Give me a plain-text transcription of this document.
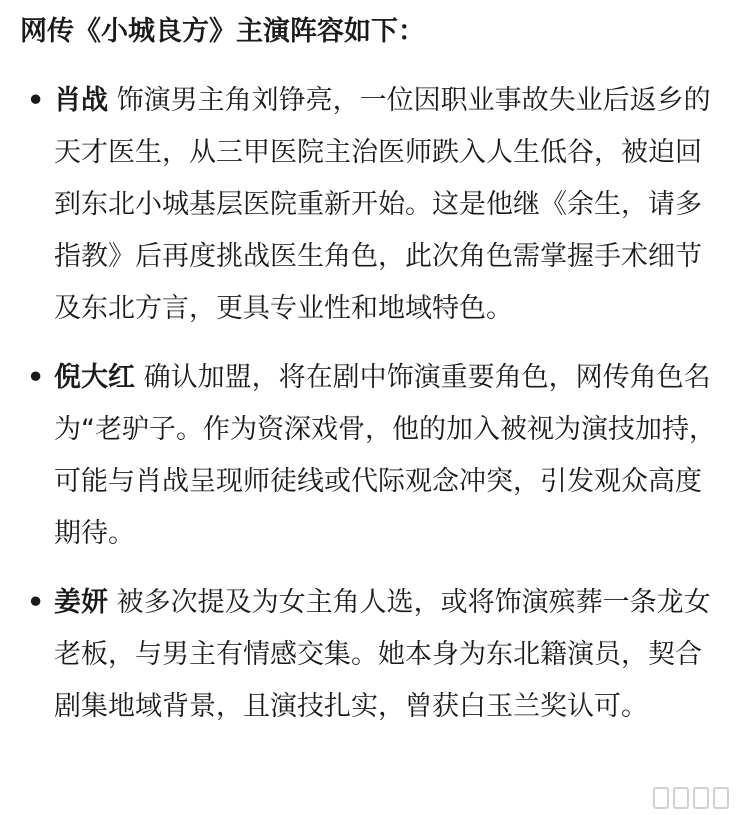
网传《小城良方》主演阵容如下：
• 肖战 饰演男主角刘铮亮，一位因职业事故失业后返乡的天才医生，从三甲医院主治医师跌入人生低谷，被迫回到东北小城基层医院重新开始。这是他继《余生，请多指教》后再度挑战医生角色，此次角色需掌握手术细节及东北方言，更具专业性和地域特色。
• 倪大红 确认加盟，将在剧中饰演重要角色，网传角色名为“老驴子。作为资深戏骨，他的加入被视为演技加持，可能与肖战呈现师徒线或代际观念冲突，引发观众高度期待。
• 姜妍 被多次提及为女主角人选，或将饰演殡葬一条龙女老板，与男主有情感交集。她本身为东北籍演员，契合剧集地域背景，且演技扎实，曾获白玉兰奖认可。
